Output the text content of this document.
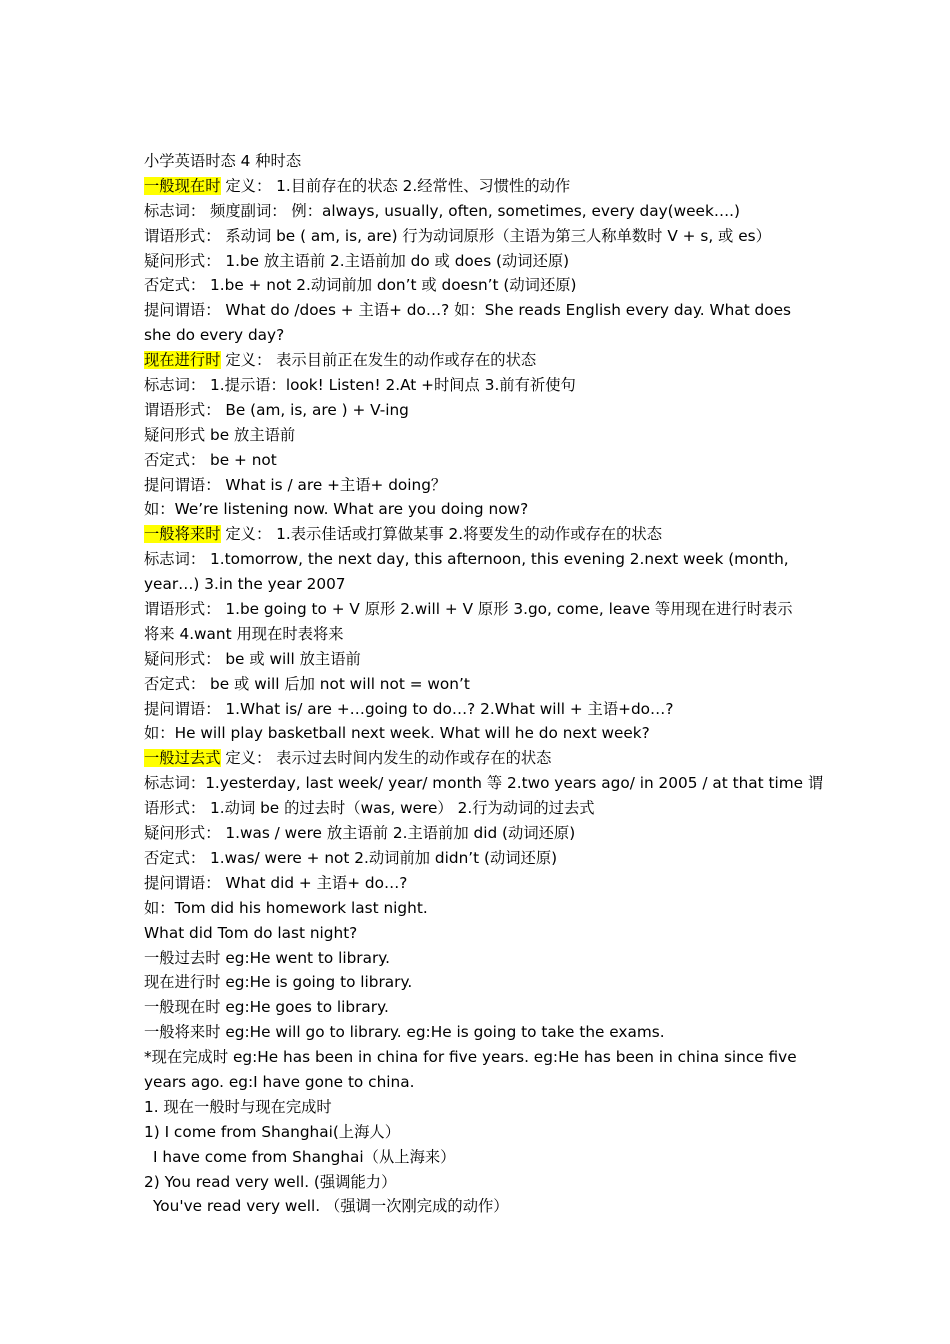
小学英语时态 4 种时态
一般现在时 定义： 1.目前存在的状态 2.经常性、习惯性的动作
标志词： 频度副词： 例：always, usually, often, sometimes, every day(week….)
谓语形式： 系动词 be ( am, is, are) 行为动词原形（主语为第三人称单数时 V + s, 或 es）
疑问形式： 1.be 放主语前 2.主语前加 do 或 does (动词还原)
否定式： 1.be + not 2.动词前加 don’t 或 doesn’t (动词还原)
提问谓语： What do /does + 主语+ do…? 如：She reads English every day. What does
she do every day?
现在进行时 定义： 表示目前正在发生的动作或存在的状态
标志词： 1.提示语：look! Listen! 2.At +时间点 3.前有祈使句
谓语形式： Be (am, is, are ) + V-ing
疑问形式 be 放主语前
否定式： be + not
提问谓语： What is / are +主语+ doing？
如：We’re listening now. What are you doing now?
一般将来时 定义： 1.表示佳话或打算做某事 2.将要发生的动作或存在的状态
标志词： 1.tomorrow, the next day, this afternoon, this evening 2.next week (month,
year…) 3.in the year 2007
谓语形式： 1.be going to + V 原形 2.will + V 原形 3.go, come, leave 等用现在进行时表示
将来 4.want 用现在时表将来
疑问形式： be 或 will 放主语前
否定式： be 或 will 后加 not will not = won’t
提问谓语： 1.What is/ are +…going to do…? 2.What will + 主语+do…?
如：He will play basketball next week. What will he do next week?
一般过去式 定义： 表示过去时间内发生的动作或存在的状态
标志词：1.yesterday, last week/ year/ month 等 2.two years ago/ in 2005 / at that time 谓
语形式： 1.动词 be 的过去时（was, were） 2.行为动词的过去式
疑问形式： 1.was / were 放主语前 2.主语前加 did (动词还原)
否定式： 1.was/ were + not 2.动词前加 didn’t (动词还原)
提问谓语： What did + 主语+ do…?
如：Tom did his homework last night.
What did Tom do last night?
一般过去时 eg:He went to library.
现在进行时 eg:He is going to library.
一般现在时 eg:He goes to library.
一般将来时 eg:He will go to library. eg:He is going to take the exams.
*现在完成时 eg:He has been in china for five years. eg:He has been in china since five
years ago. eg:I have gone to china.
1. 现在一般时与现在完成时
1) I come from Shanghai(上海人）
I have come from Shanghai（从上海来）
2) You read very well. (强调能力）
You've read very well. （强调一次刚完成的动作）
